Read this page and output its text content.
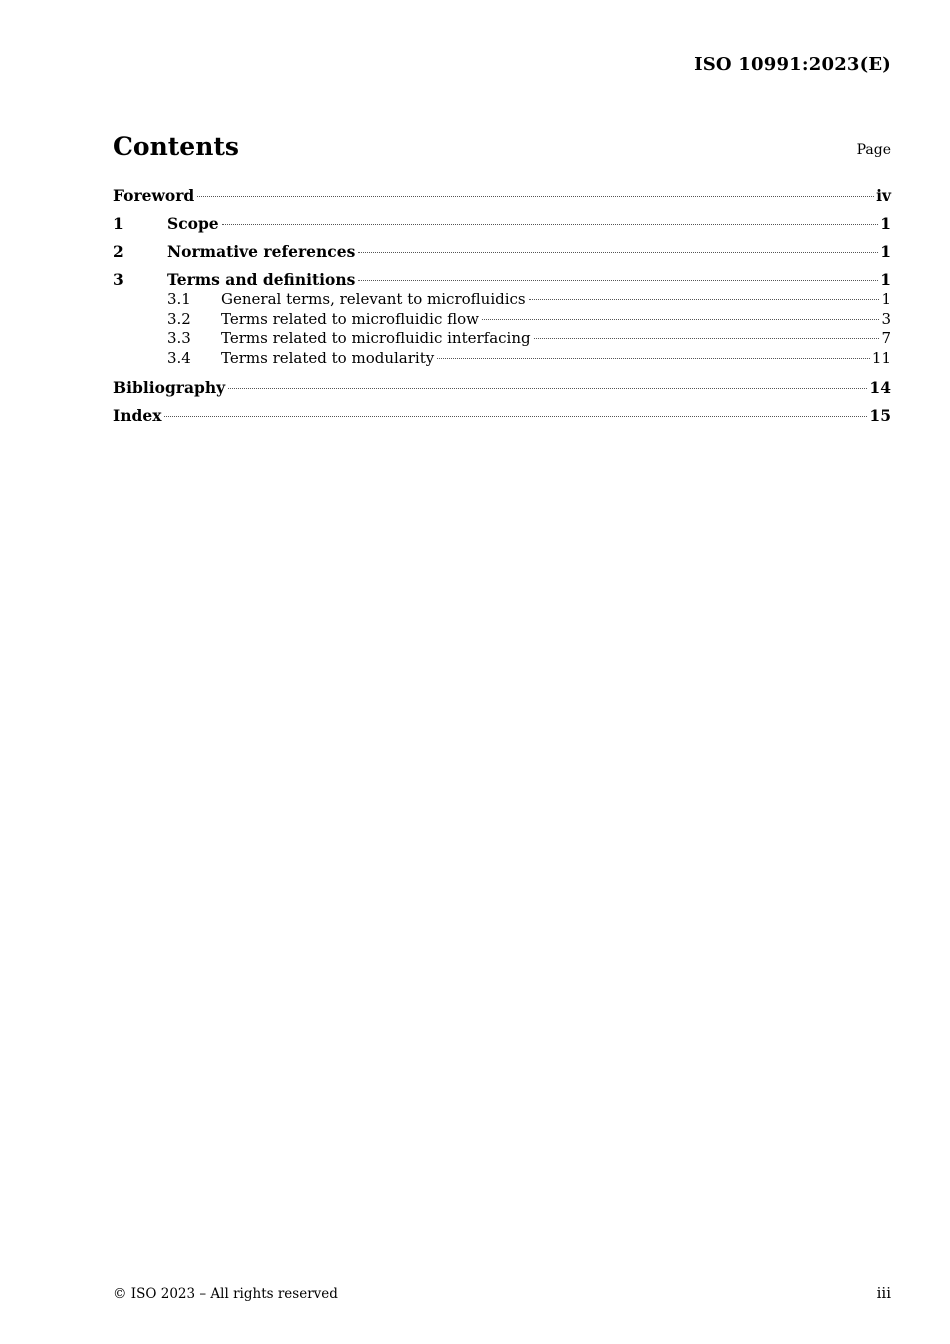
ISO 10991:2023(E)
Contents	Page
Foreword	iv
1	Scope	1
2	Normative references	1
3	Terms and definitions	1
3.1	General terms, relevant to microfluidics	1
3.2	Terms related to microfluidic flow	3
3.3	Terms related to microfluidic interfacing	7
3.4	Terms related to modularity	11
Bibliography	14
Index	15
© ISO 2023 – All rights reserved	iii
